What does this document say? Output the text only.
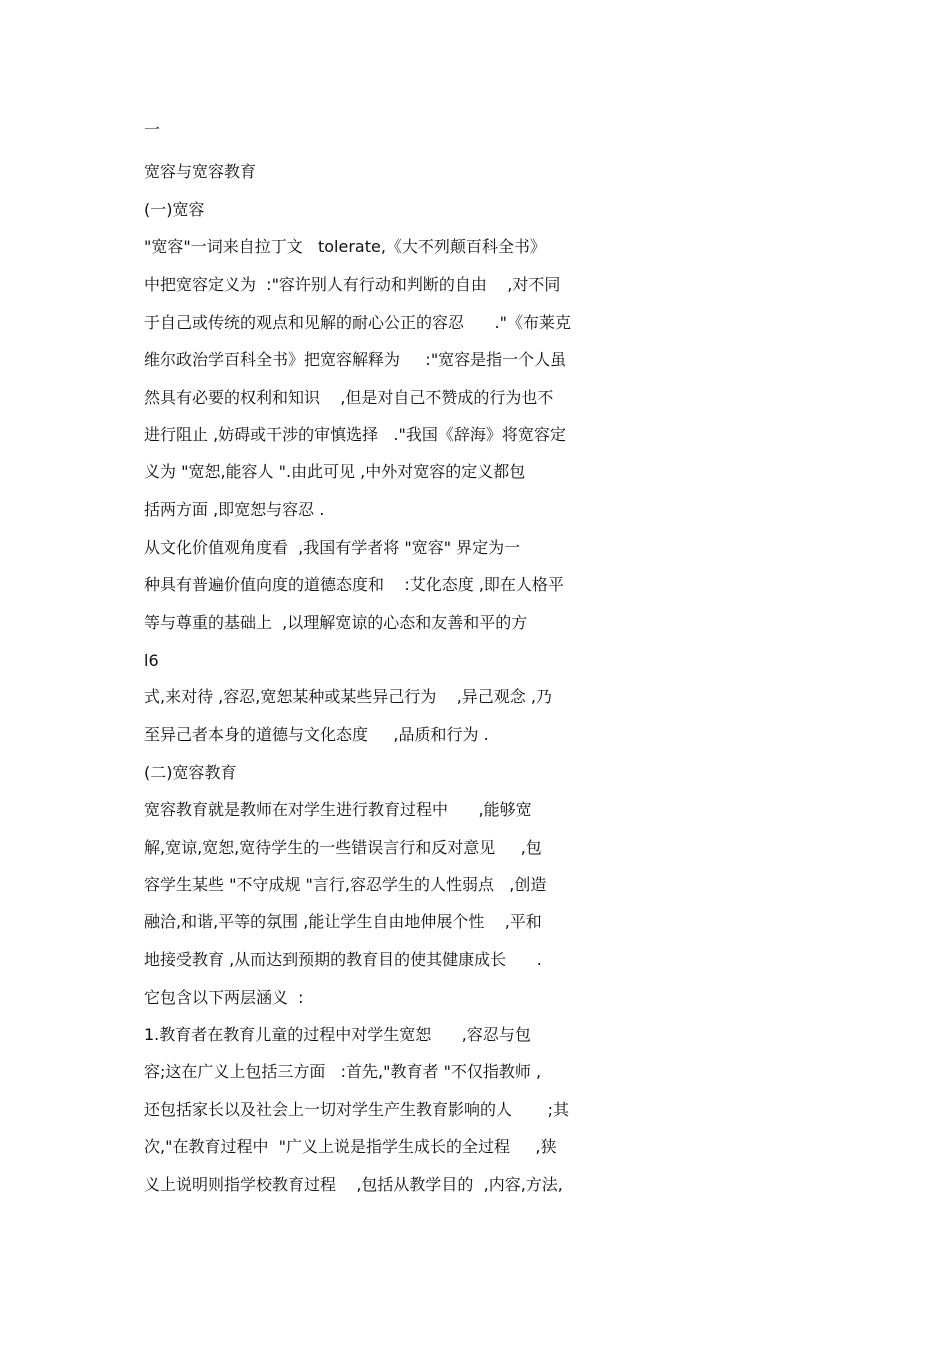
一
宽容与宽容教育
(一)宽容
"宽容"一词来自拉丁文   tolerate,《大不列颠百科全书》
中把宽容定义为  :"容许别人有行动和判断的自由    ,对不同
于自己或传统的观点和见解的耐心公正的容忍      ."《布莱克
维尔政治学百科全书》把宽容解释为     :"宽容是指一个人虽
然具有必要的权利和知识    ,但是对自己不赞成的行为也不
进行阻止 ,妨碍或干涉的审慎选择   ."我国《辞海》将宽容定
义为 "宽恕,能容人 ".由此可见 ,中外对宽容的定义都包
括两方面 ,即宽恕与容忍 .
从文化价值观角度看  ,我国有学者将 "宽容" 界定为一
种具有普遍价值向度的道德态度和    :艾化态度 ,即在人格平
等与尊重的基础上  ,以理解宽谅的心态和友善和平的方
l6
式,来对待 ,容忍,宽恕某种或某些异己行为    ,异己观念 ,乃
至异己者本身的道德与文化态度     ,品质和行为 .
(二)宽容教育
宽容教育就是教师在对学生进行教育过程中      ,能够宽
解,宽谅,宽恕,宽待学生的一些错误言行和反对意见     ,包
容学生某些 "不守成规 "言行,容忍学生的人性弱点   ,创造
融洽,和谐,平等的氛围 ,能让学生自由地伸展个性    ,平和
地接受教育 ,从而达到预期的教育目的使其健康成长      .
它包含以下两层涵义  :
1.教育者在教育儿童的过程中对学生宽恕      ,容忍与包
容;这在广义上包括三方面   :首先,"教育者 "不仅指教师 ,
还包括家长以及社会上一切对学生产生教育影响的人       ;其
次,"在教育过程中  "广义上说是指学生成长的全过程     ,狭
义上说明则指学校教育过程    ,包括从教学目的  ,内容,方法,
